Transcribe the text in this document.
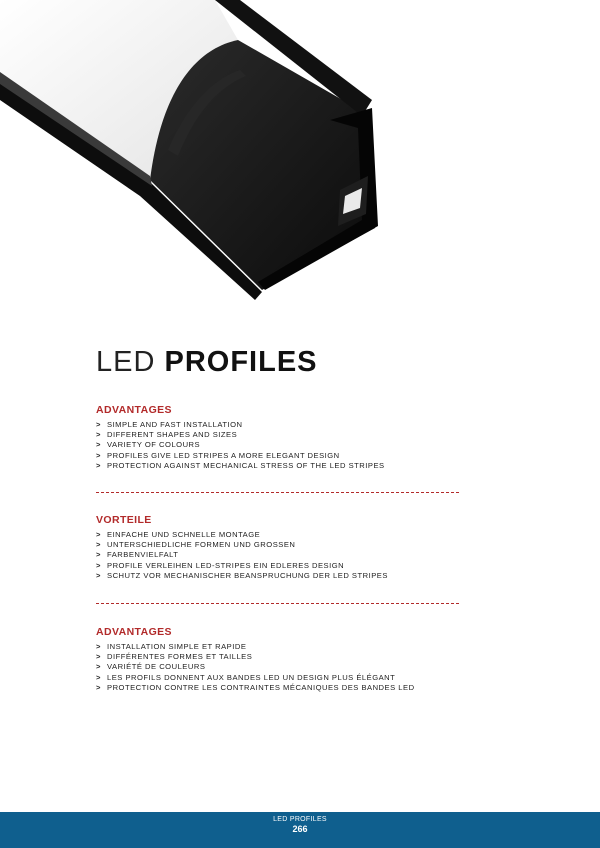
LED PROFILES
ADVANTAGES
> SIMPLE AND FAST INSTALLATION
> DIFFERENT SHAPES AND SIZES
> VARIETY OF COLOURS
> PROFILES GIVE LED STRIPES A MORE ELEGANT DESIGN
> PROTECTION AGAINST MECHANICAL STRESS OF THE LED STRIPES
VORTEILE
> EINFACHE UND SCHNELLE MONTAGE
> UNTERSCHIEDLICHE FORMEN UND GROSSEN
> FARBENVIELFALT
> PROFILE VERLEIHEN LED-STRIPES EIN EDLERES DESIGN
> SCHUTZ VOR MECHANISCHER BEANSPRUCHUNG DER LED STRIPES
ADVANTAGES
> INSTALLATION SIMPLE ET RAPIDE
> DIFFÉRENTES FORMES ET TAILLES
> VARIÉTÉ DE COULEURS
> LES PROFILS DONNENT AUX BANDES LED UN DESIGN PLUS ÉLÉGANT
> PROTECTION CONTRE LES CONTRAINTES MÉCANIQUES DES BANDES LED
LED PROFILES
266
